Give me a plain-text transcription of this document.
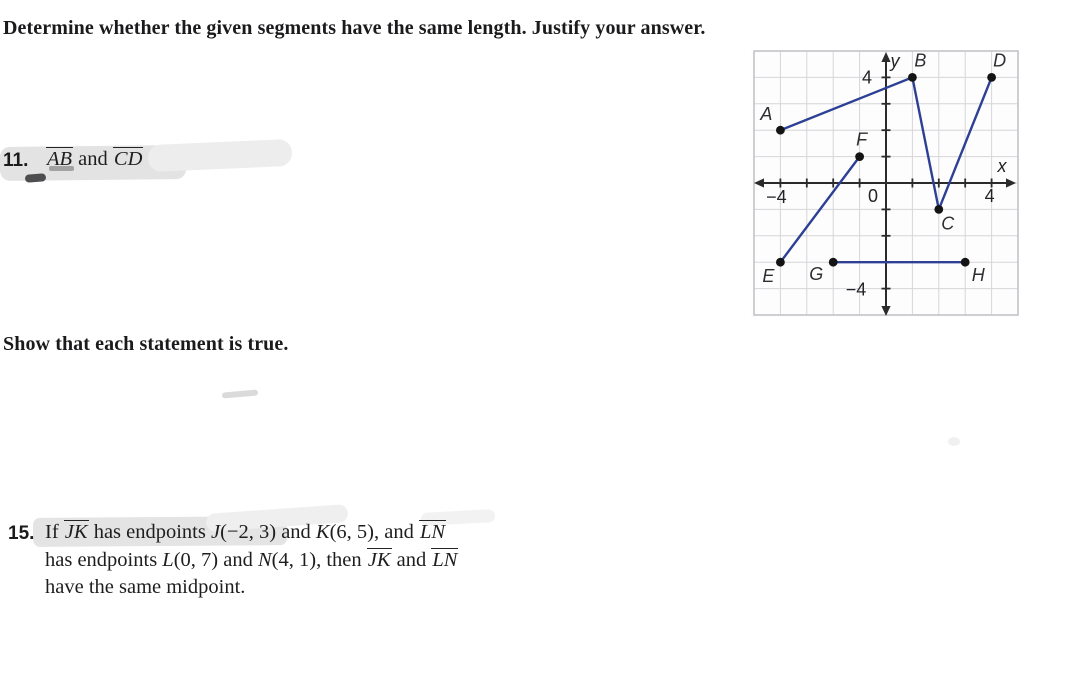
Determine whether the given segments have the same length. Justify your answer.
11. AB and CD
−4	4
4
−4
0
x
y
A
B
C
D
E
F
G	H
Show that each statement is true.
15. If JK has endpoints J(−2, 3) and K(6, 5), and LN
has endpoints L(0, 7) and N(4, 1), then JK and LN
have the same midpoint.
